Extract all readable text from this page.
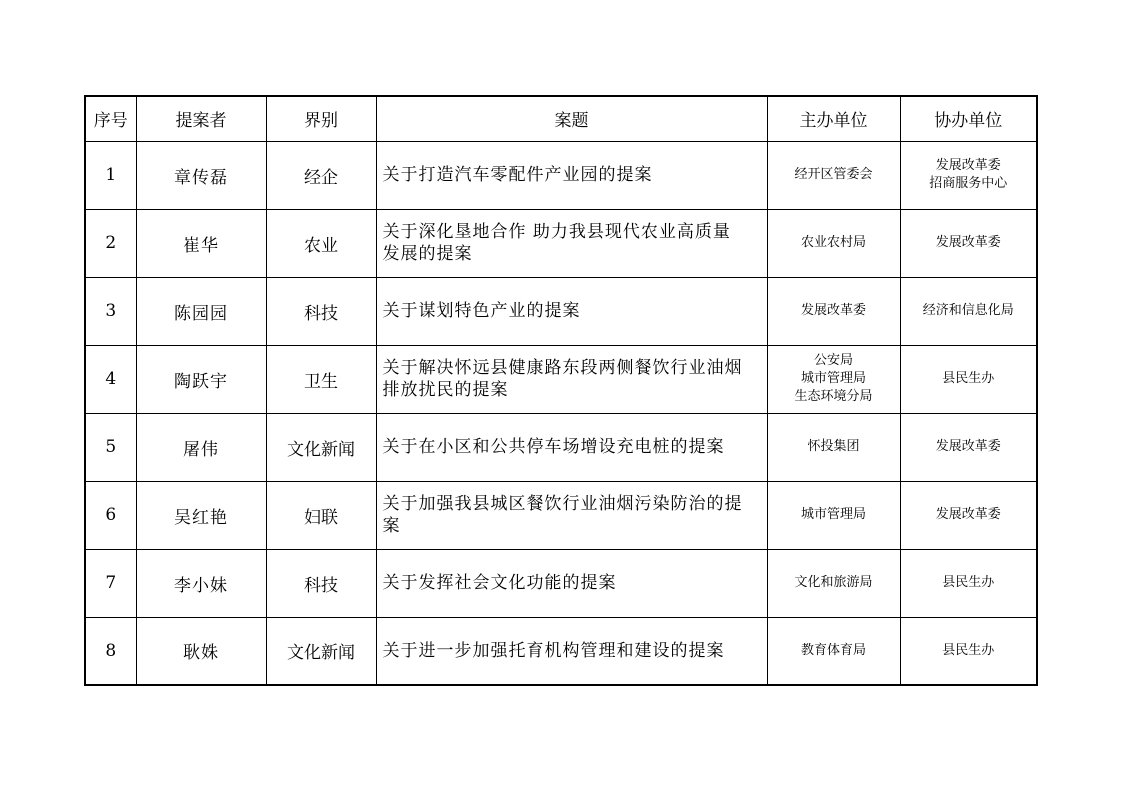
序号	提案者	界别	案题	主办单位	协办单位
1	章传磊	经企	关于打造汽车零配件产业园的提案	经开区管委会	发展改革委
招商服务中心

2	崔华	农业	关于深化垦地合作 助力我县现代农业高质量
发展的提案	农业农村局	发展改革委

3	陈园园	科技	关于谋划特色产业的提案	发展改革委	经济和信息化局

4	陶跃宇	卫生	关于解决怀远县健康路东段两侧餐饮行业油烟
排放扰民的提案	公安局
城市管理局
生态环境分局	县民生办

5	屠伟	文化新闻	关于在小区和公共停车场增设充电桩的提案	怀投集团	发展改革委

6	吴红艳	妇联	关于加强我县城区餐饮行业油烟污染防治的提
案	城市管理局	发展改革委

7	李小妹	科技	关于发挥社会文化功能的提案	文化和旅游局	县民生办

8	耿姝	文化新闻	关于进一步加强托育机构管理和建设的提案	教育体育局	县民生办
